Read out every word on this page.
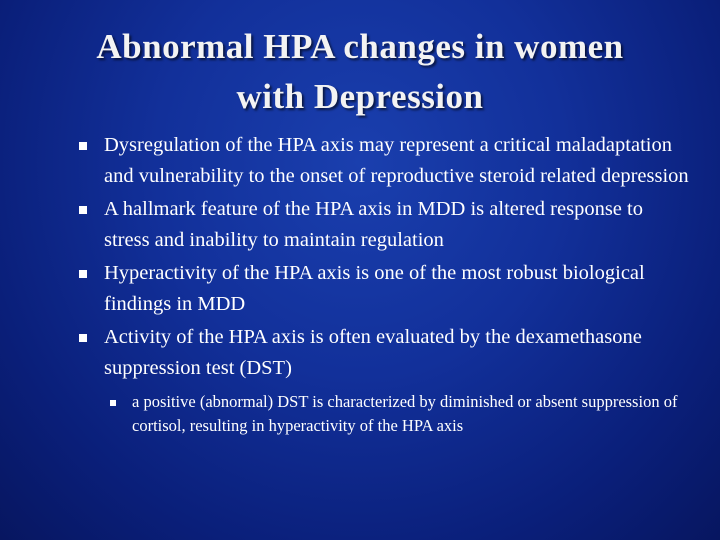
Abnormal HPA changes in women
with Depression
Dysregulation of the HPA axis may represent a critical maladaptation and vulnerability to the onset of reproductive steroid related depression
A hallmark feature of the HPA axis in MDD is altered response to stress and inability to maintain regulation
Hyperactivity of the HPA axis is one of the most robust biological findings in MDD
Activity of the HPA axis is often evaluated by the dexamethasone suppression test (DST)
a positive (abnormal) DST is characterized by diminished or absent suppression of cortisol, resulting in hyperactivity of the HPA axis
